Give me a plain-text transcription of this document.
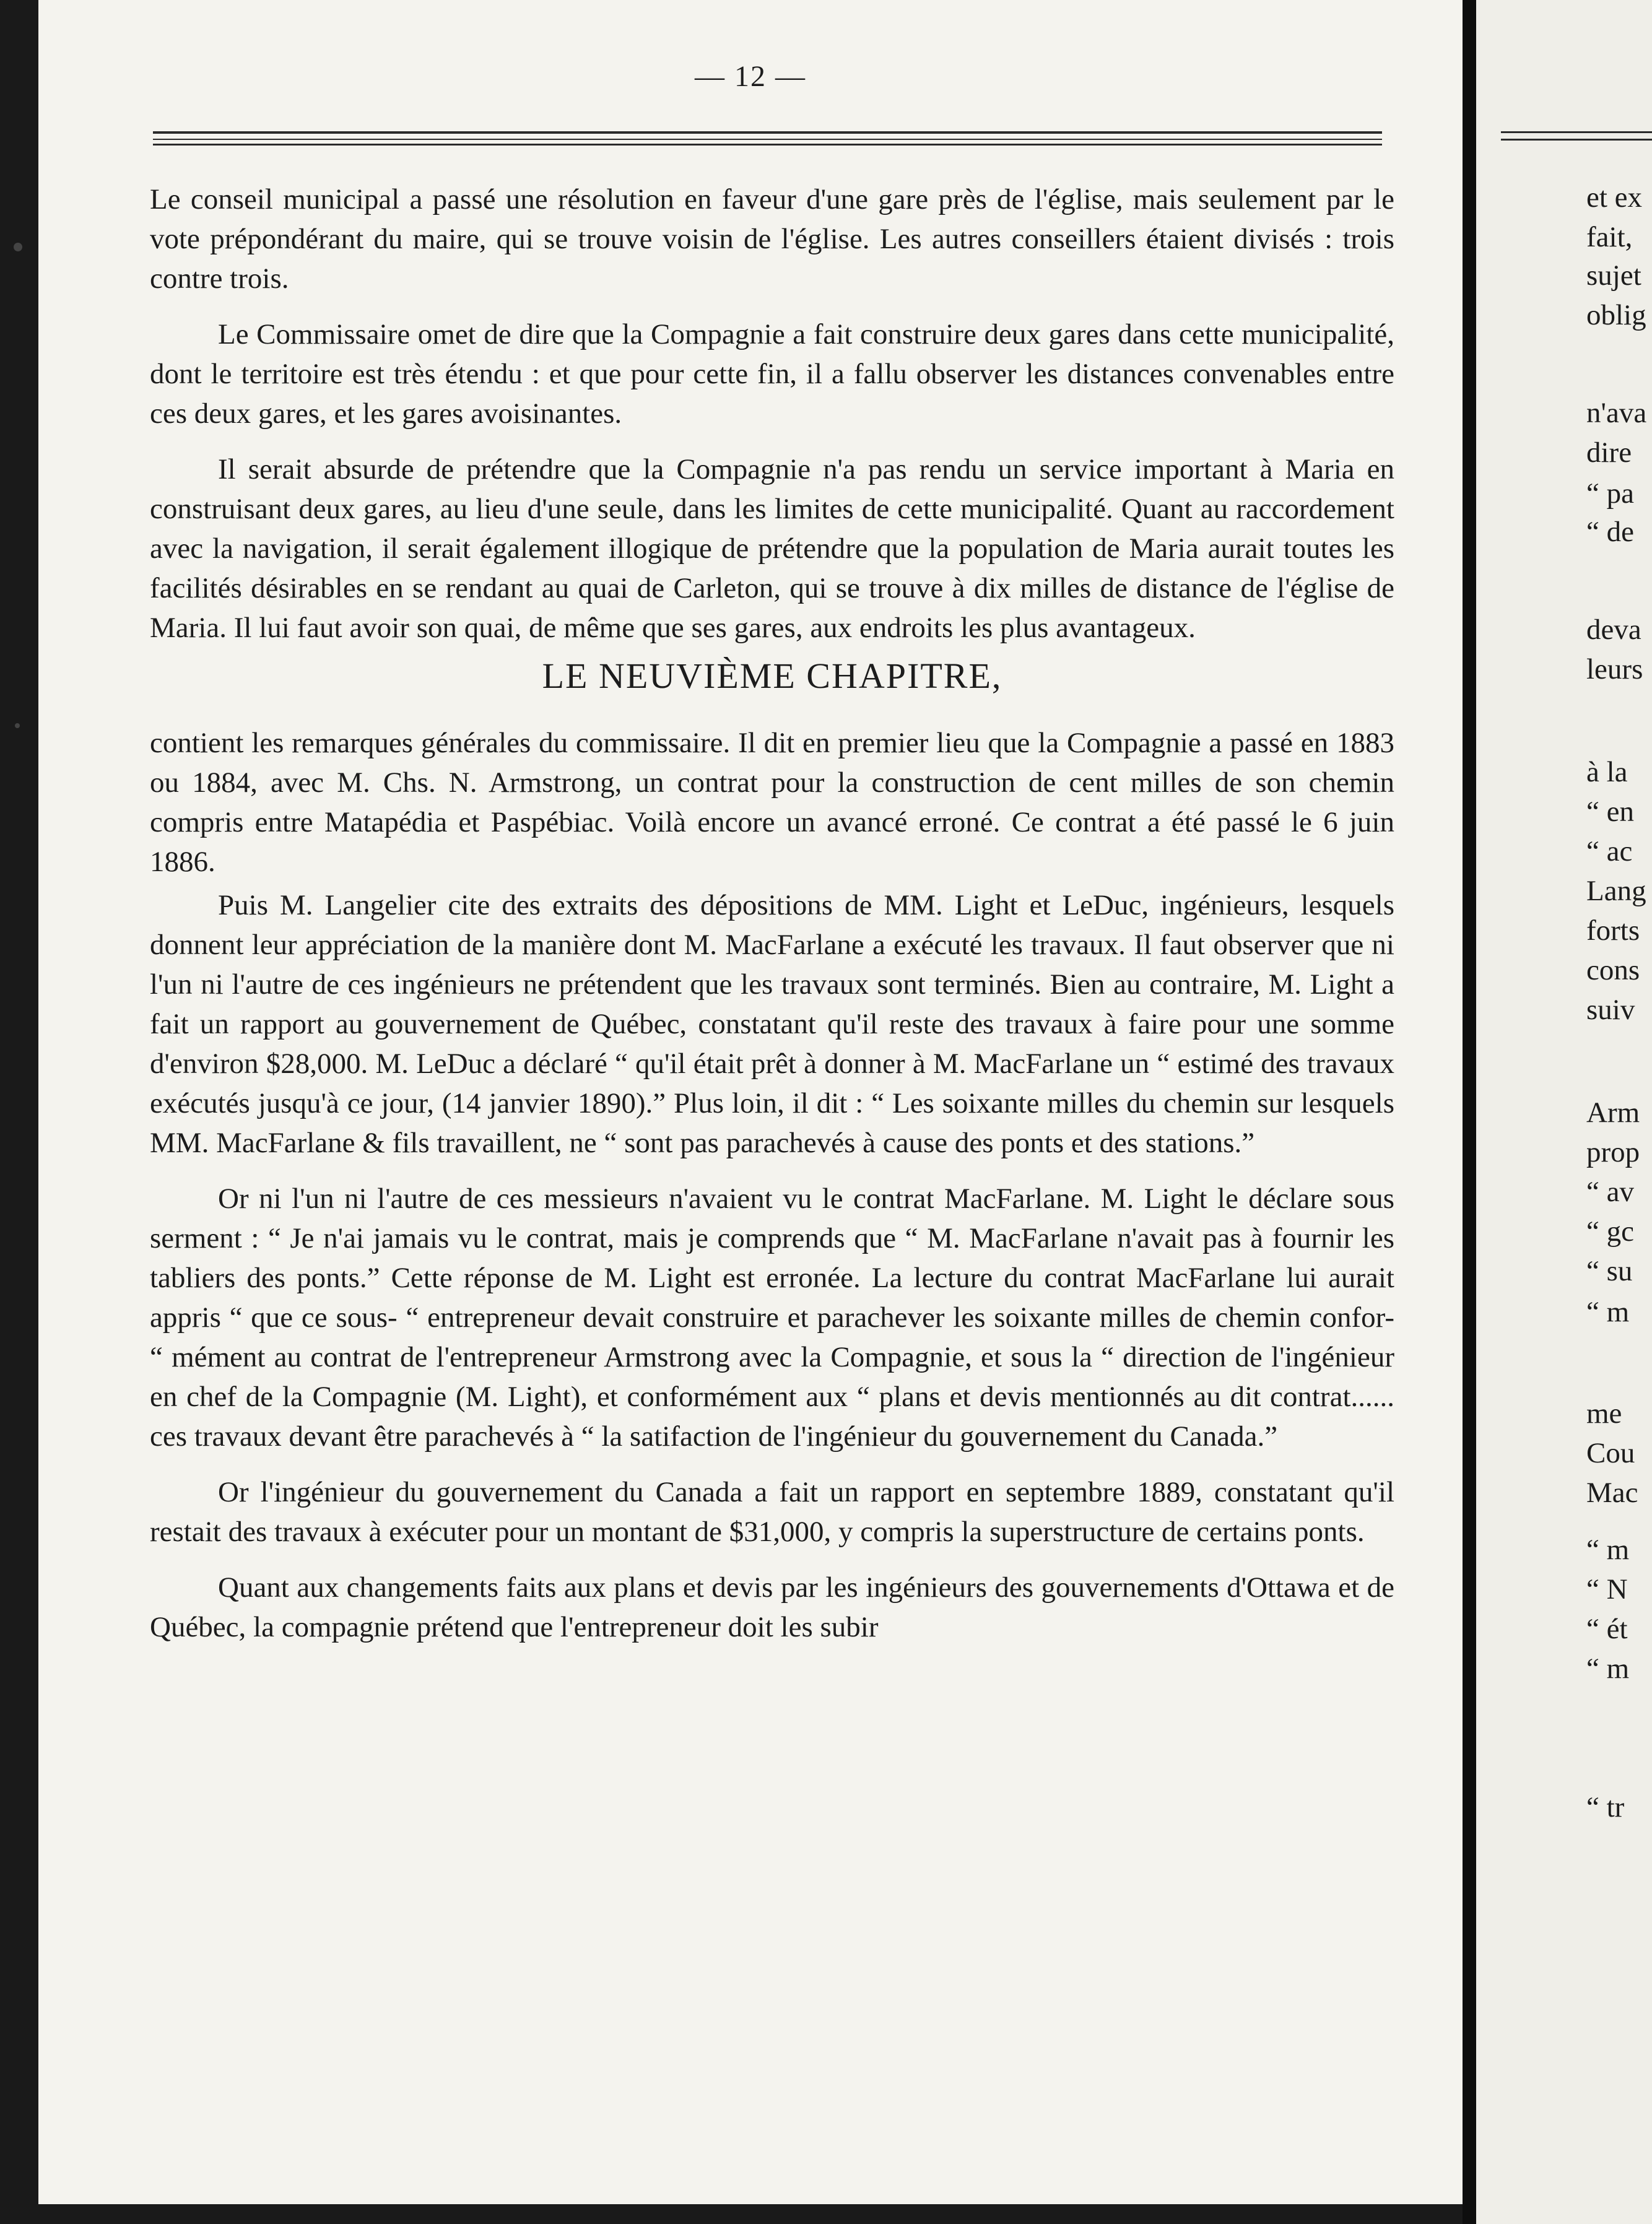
— 12 —

Le conseil municipal a passé une résolution en faveur d'une gare près de l'église, mais seulement par le vote prépondérant du maire, qui se trouve voisin de l'église. Les autres conseillers étaient divisés : trois contre trois.

Le Commissaire omet de dire que la Compagnie a fait construire deux gares dans cette municipalité, dont le territoire est très étendu : et que pour cette fin, il a fallu observer les distances convenables entre ces deux gares, et les gares avoisinantes.

Il serait absurde de prétendre que la Compagnie n'a pas rendu un service important à Maria en construisant deux gares, au lieu d'une seule, dans les limites de cette municipalité. Quant au raccordement avec la navigation, il serait également illogique de prétendre que la population de Maria aurait toutes les facilités désirables en se rendant au quai de Carleton, qui se trouve à dix milles de distance de l'église de Maria. Il lui faut avoir son quai, de même que ses gares, aux endroits les plus avantageux.

LE NEUVIÈME CHAPITRE,

contient les remarques générales du commissaire. Il dit en premier lieu que la Compagnie a passé en 1883 ou 1884, avec M. Chs. N. Armstrong, un contrat pour la construction de cent milles de son chemin compris entre Matapédia et Paspébiac. Voilà encore un avancé erroné. Ce contrat a été passé le 6 juin 1886.

Puis M. Langelier cite des extraits des dépositions de MM. Light et LeDuc, ingénieurs, lesquels donnent leur appréciation de la manière dont M. MacFarlane a exécuté les travaux. Il faut observer que ni l'un ni l'autre de ces ingénieurs ne prétendent que les travaux sont terminés. Bien au contraire, M. Light a fait un rapport au gouvernement de Québec, constatant qu'il reste des travaux à faire pour une somme d'environ $28,000. M. LeDuc a déclaré “ qu'il était prêt à donner à M. MacFarlane un “ estimé des travaux exécutés jusqu'à ce jour, (14 janvier 1890).” Plus loin, il dit : “ Les soixante milles du chemin sur lesquels MM. MacFarlane & fils travaillent, ne “ sont pas parachevés à cause des ponts et des stations.”

Or ni l'un ni l'autre de ces messieurs n'avaient vu le contrat MacFarlane. M. Light le déclare sous serment : “ Je n'ai jamais vu le contrat, mais je comprends que “ M. MacFarlane n'avait pas à fournir les tabliers des ponts.” Cette réponse de M. Light est erronée. La lecture du contrat MacFarlane lui aurait appris “ que ce sous- “ entrepreneur devait construire et parachever les soixante milles de chemin confor- “ mément au contrat de l'entrepreneur Armstrong avec la Compagnie, et sous la “ direction de l'ingénieur en chef de la Compagnie (M. Light), et conformément aux “ plans et devis mentionnés au dit contrat...... ces travaux devant être parachevés à “ la satifaction de l'ingénieur du gouvernement du Canada.”

Or l'ingénieur du gouvernement du Canada a fait un rapport en septembre 1889, constatant qu'il restait des travaux à exécuter pour un montant de $31,000, y compris la superstructure de certains ponts.

Quant aux changements faits aux plans et devis par les ingénieurs des gouvernements d'Ottawa et de Québec, la compagnie prétend que l'entrepreneur doit les subir

et ex
fait,
sujet
oblig
n'ava
dire
“ pa
“ de
deva
leurs
à la
“ en
“ ac
Lang
forts
cons
suiv
Arm
prop
“ av
“ gc
“ su
“ m
me
Cou
Mac
“ m
“ N
“ ét
“ m
“ tr
